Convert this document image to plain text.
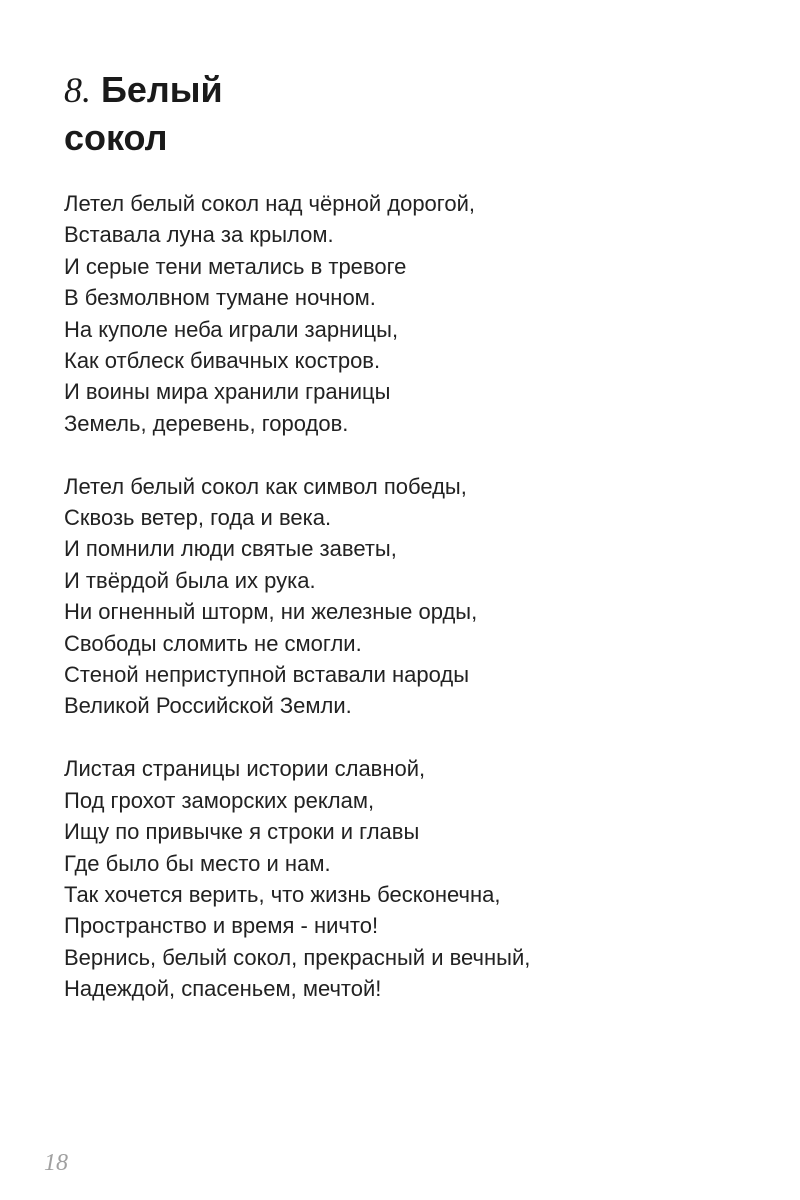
8. Белый
сокол
Летел белый сокол над чёрной дорогой,
Вставала луна за крылом.
И серые тени метались в тревоге
В безмолвном тумане ночном.
На куполе неба играли зарницы,
Как отблеск бивачных костров.
И воины мира хранили границы
Земель, деревень, городов.
Летел белый сокол как символ победы,
Сквозь ветер, года и века.
И помнили люди святые заветы,
И твёрдой была их рука.
Ни огненный шторм, ни железные орды,
Свободы сломить не смогли.
Стеной неприступной вставали народы
Великой Российской Земли.
Листая страницы истории славной,
Под грохот заморских реклам,
Ищу по привычке я строки и главы
Где было бы место и нам.
Так хочется верить, что жизнь бесконечна,
Пространство и время - ничто!
Вернись, белый сокол, прекрасный и вечный,
Надеждой, спасеньем, мечтой!
18
